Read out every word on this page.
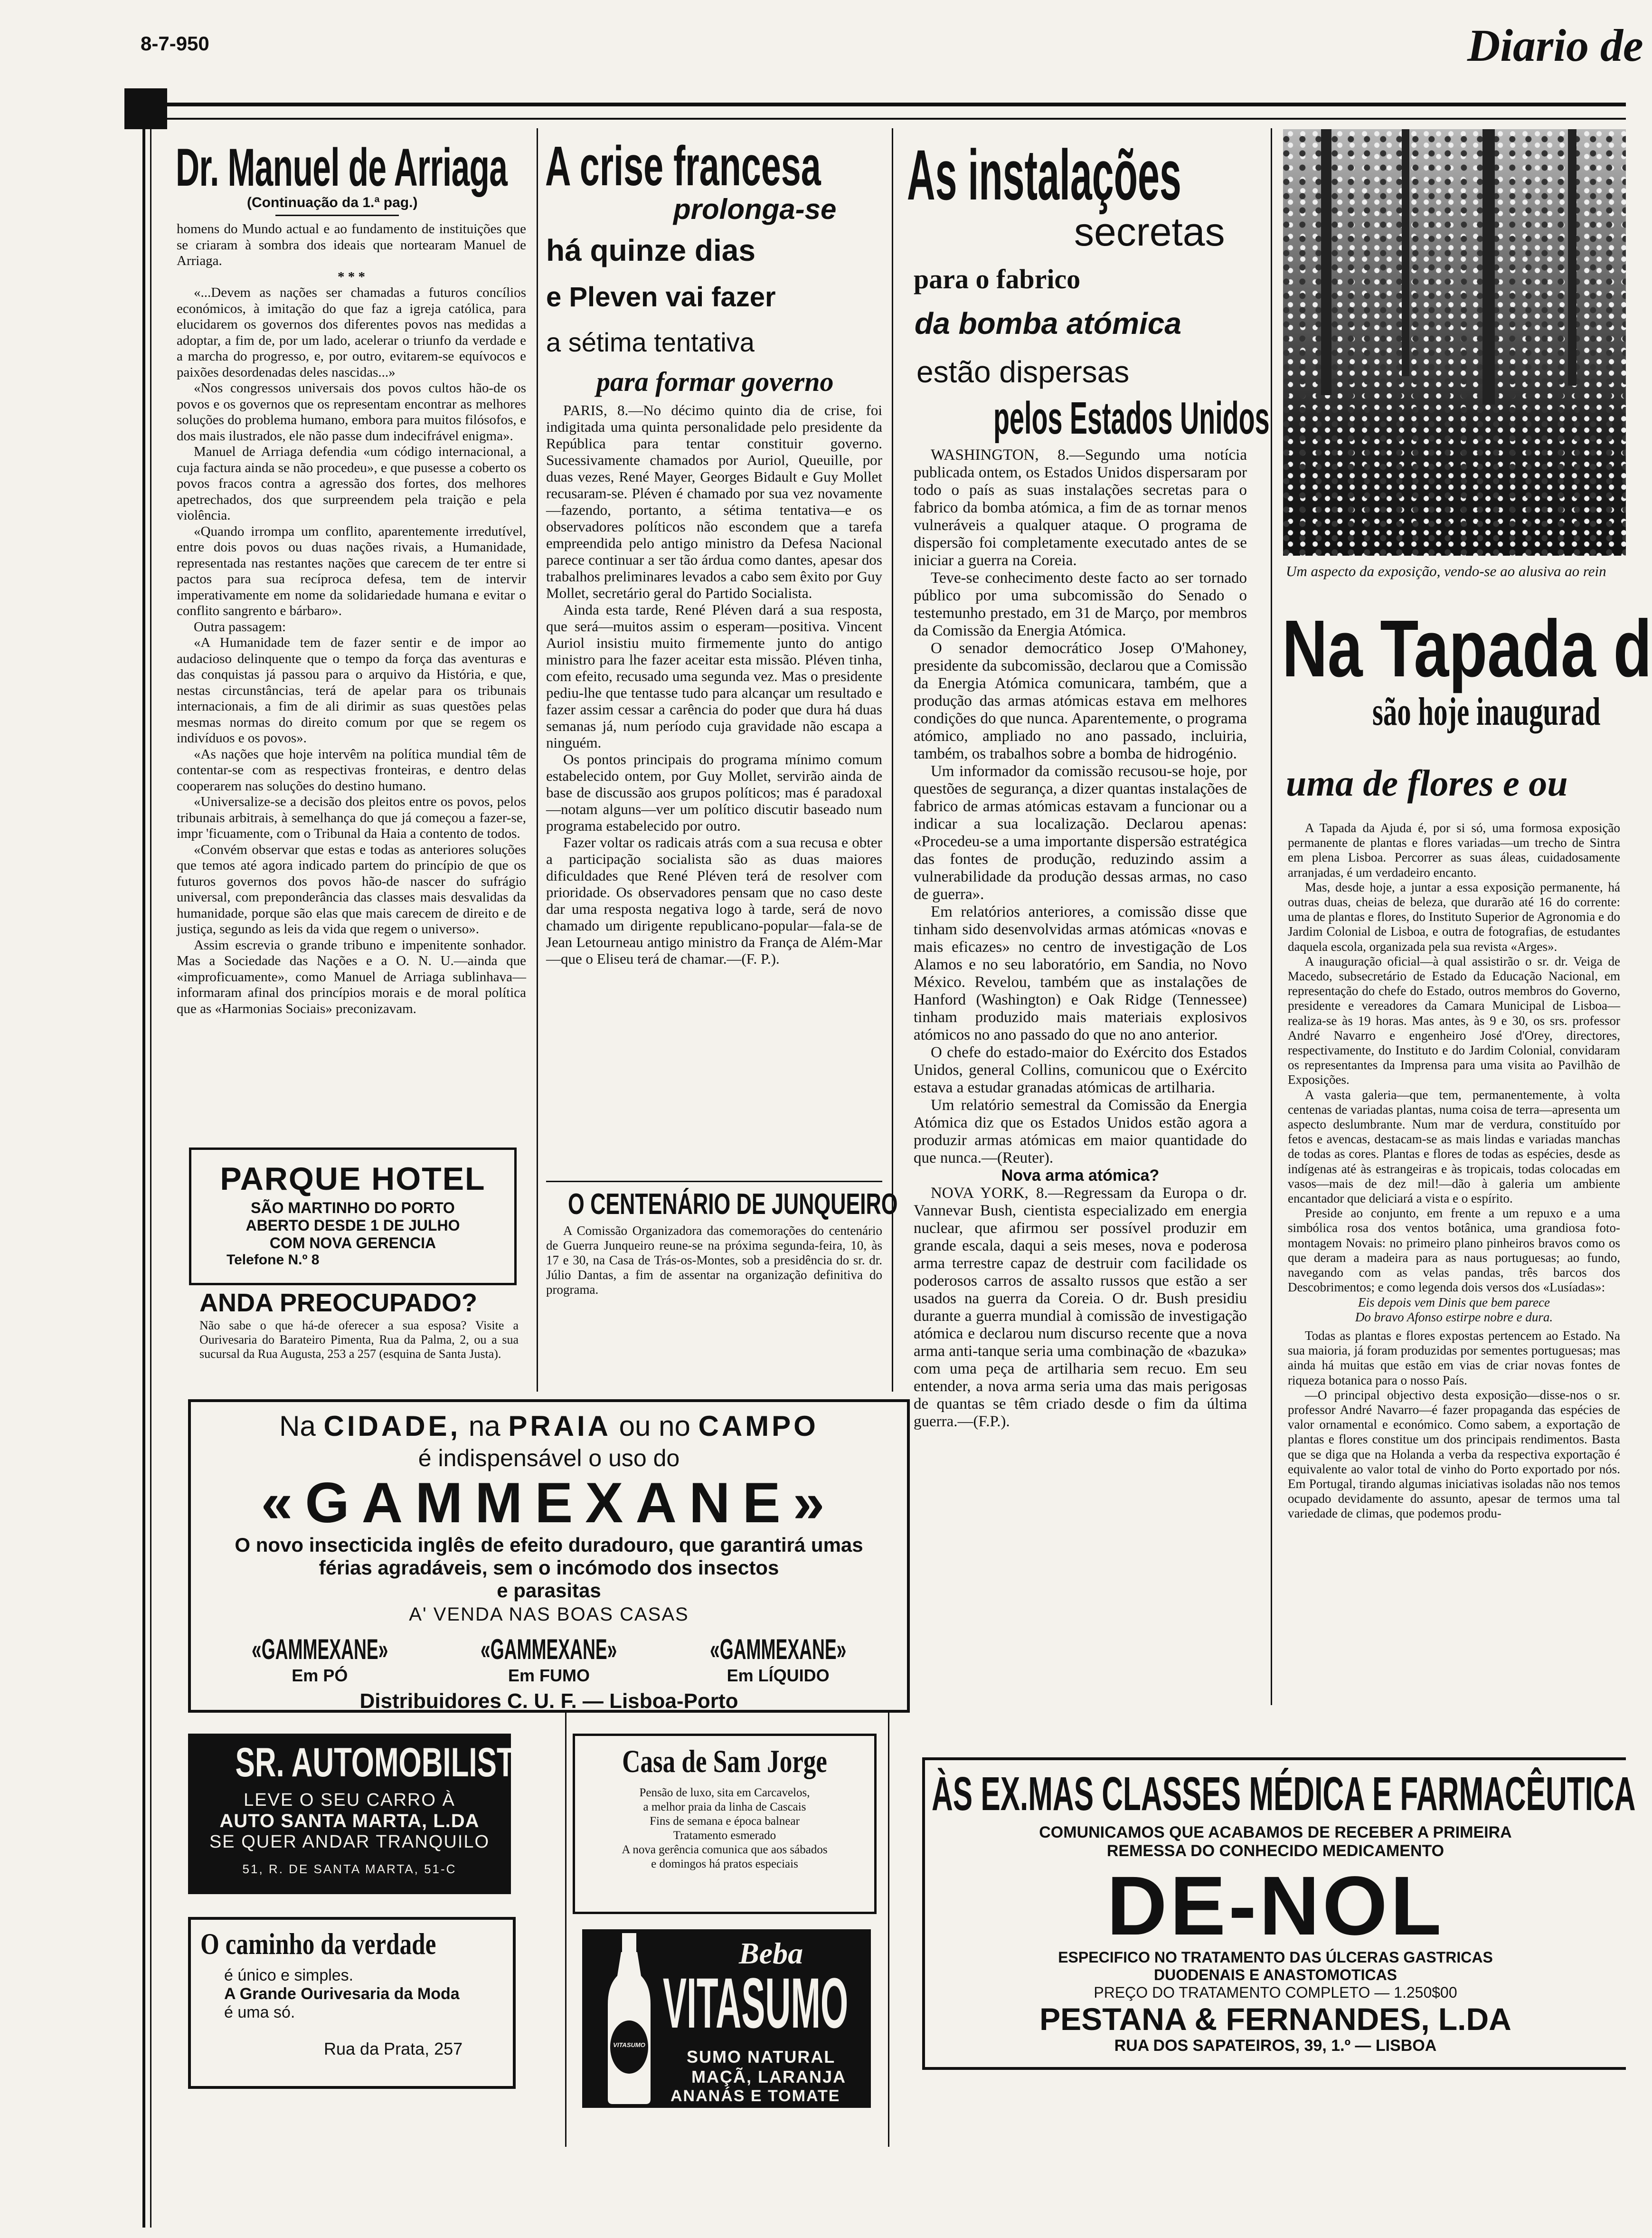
8-7-950	Diario de
Dr. Manuel de Arriaga
(Continuação da 1.ª pag.)

homens do Mundo actual e ao fundamento de instituições que se criaram à sombra dos ideais que nortearam Manuel de Arriaga.

* * *

«...Devem as nações ser chamadas a futuros concílios económicos, à imitação do que faz a igreja católica, para elucidarem os governos dos diferentes povos nas medidas a adoptar, a fim de, por um lado, acelerar o triunfo da verdade e a marcha do progresso, e, por outro, evitarem-se equívocos e paixões desordenadas deles nascidas...»

«Nos congressos universais dos povos cultos hão-de os povos e os governos que os representam encontrar as melhores soluções do problema humano, embora para muitos filósofos, e dos mais ilustrados, ele não passe dum indecifrável enigma».

Manuel de Arriaga defendia «um código internacional, a cuja factura ainda se não procedeu», e que pusesse a coberto os povos fracos contra a agressão dos fortes, dos melhores apetrechados, dos que surpreendem pela traição e pela violência.

«Quando irrompa um conflito, aparentemente irredutível, entre dois povos ou duas nações rivais, a Humanidade, representada nas restantes nações que carecem de ter entre si pactos para sua recíproca defesa, tem de intervir imperativamente em nome da solidariedade humana e evitar o conflito sangrento e bárbaro».

Outra passagem:

«A Humanidade tem de fazer sentir e de impor ao audacioso delinquente que o tempo da força das aventuras e das conquistas já passou para o arquivo da História, e que, nestas circunstâncias, terá de apelar para os tribunais internacionais, a fim de ali dirimir as suas questões pelas mesmas normas do direito comum por que se regem os indivíduos e os povos».

«As nações que hoje intervêm na política mundial têm de contentar-se com as respectivas fronteiras, e dentro delas cooperarem nas soluções do destino humano.

«Universalize-se a decisão dos pleitos entre os povos, pelos tribunais arbitrais, à semelhança do que já começou a fazer-se, impr 'ficuamente, com o Tribunal da Haia a contento de todos.

«Convém observar que estas e todas as anteriores soluções que temos até agora indicado partem do princípio de que os futuros governos dos povos hão-de nascer do sufrágio universal, com preponderância das classes mais desvalidas da humanidade, porque são elas que mais carecem de direito e de justiça, segundo as leis da vida que regem o universo».

Assim escrevia o grande tribuno e impenitente sonhador. Mas a Sociedade das Nações e a O. N. U.—ainda que «improficuamente», como Manuel de Arriaga sublinhava—informaram afinal dos princípios morais e de moral política que as «Harmonias Sociais» preconizavam.

PARQUE HOTEL
SÃO MARTINHO DO PORTO
ABERTO DESDE 1 DE JULHO
COM NOVA GERENCIA
Telefone N.º 8
ANDA PREOCUPADO?
Não sabe o que há-de oferecer a sua esposa? Visite a Ourivesaria do Barateiro Pimenta, Rua da Palma, 2, ou a sua sucursal da Rua Augusta, 253 a 257 (esquina de Santa Justa).
A crise francesa
prolonga-se
há quinze dias
e Pleven vai fazer
a sétima tentativa
para formar governo

PARIS, 8.—No décimo quinto dia de crise, foi indigitada uma quinta personalidade pelo presidente da República para tentar constituir governo. Sucessivamente chamados por Auriol, Queuille, por duas vezes, René Mayer, Georges Bidault e Guy Mollet recusaram-se. Pléven é chamado por sua vez novamente—fazendo, portanto, a sétima tentativa—e os observadores políticos não escondem que a tarefa empreendida pelo antigo ministro da Defesa Nacional parece continuar a ser tão árdua como dantes, apesar dos trabalhos preliminares levados a cabo sem êxito por Guy Mollet, secretário geral do Partido Socialista.

Ainda esta tarde, René Pléven dará a sua resposta, que será—muitos assim o esperam—positiva. Vincent Auriol insistiu muito firmemente junto do antigo ministro para lhe fazer aceitar esta missão. Pléven tinha, com efeito, recusado uma segunda vez. Mas o presidente pediu-lhe que tentasse tudo para alcançar um resultado e fazer assim cessar a carência do poder que dura há duas semanas já, num período cuja gravidade não escapa a ninguém.

Os pontos principais do programa mínimo comum estabelecido ontem, por Guy Mollet, servirão ainda de base de discussão aos grupos políticos; mas é paradoxal—notam alguns—ver um político discutir baseado num programa estabelecido por outro.

Fazer voltar os radicais atrás com a sua recusa e obter a participação socialista são as duas maiores dificuldades que René Pléven terá de resolver com prioridade. Os observadores pensam que no caso deste dar uma resposta negativa logo à tarde, será de novo chamado um dirigente republicano-popular—fala-se de Jean Letourneau antigo ministro da França de Além-Mar—que o Eliseu terá de chamar.—(F. P.).

O CENTENÁRIO DE JUNQUEIRO
A Comissão Organizadora das comemorações do centenário de Guerra Junqueiro reune-se na próxima segunda-feira, 10, às 17 e 30, na Casa de Trás-os-Montes, sob a presidência do sr. dr. Júlio Dantas, a fim de assentar na organização definitiva do programa.
As instalações
secretas
para o fabrico
da bomba atómica
estão dispersas
pelos Estados Unidos

WASHINGTON, 8.—Segundo uma notícia publicada ontem, os Estados Unidos dispersaram por todo o país as suas instalações secretas para o fabrico da bomba atómica, a fim de as tornar menos vulneráveis a qualquer ataque. O programa de dispersão foi completamente executado antes de se iniciar a guerra na Coreia.

Teve-se conhecimento deste facto ao ser tornado público por uma subcomissão do Senado o testemunho prestado, em 31 de Março, por membros da Comissão da Energia Atómica.

O senador democrático Josep O'Mahoney, presidente da subcomissão, declarou que a Comissão da Energia Atómica comunicara, também, que a produção das armas atómicas estava em melhores condições do que nunca. Aparentemente, o programa atómico, ampliado no ano passado, incluiria, também, os trabalhos sobre a bomba de hidrogénio.

Um informador da comissão recusou-se hoje, por questões de segurança, a dizer quantas instalações de fabrico de armas atómicas estavam a funcionar ou a indicar a sua localização. Declarou apenas: «Procedeu-se a uma importante dispersão estratégica das fontes de produção, reduzindo assim a vulnerabilidade da produção dessas armas, no caso de guerra».

Em relatórios anteriores, a comissão disse que tinham sido desenvolvidas armas atómicas «novas e mais eficazes» no centro de investigação de Los Alamos e no seu laboratório, em Sandia, no Novo México. Revelou, também que as instalações de Hanford (Washington) e Oak Ridge (Tennessee) tinham produzido mais materiais explosivos atómicos no ano passado do que no ano anterior.

O chefe do estado-maior do Exército dos Estados Unidos, general Collins, comunicou que o Exército estava a estudar granadas atómicas de artilharia.

Um relatório semestral da Comissão da Energia Atómica diz que os Estados Unidos estão agora a produzir armas atómicas em maior quantidade do que nunca.—(Reuter).

Nova arma atómica?

NOVA YORK, 8.—Regressam da Europa o dr. Vannevar Bush, cientista especializado em energia nuclear, que afirmou ser possível produzir em grande escala, daqui a seis meses, nova e poderosa arma terrestre capaz de destruir com facilidade os poderosos carros de assalto russos que estão a ser usados na guerra da Coreia. O dr. Bush presidiu durante a guerra mundial à comissão de investigação atómica e declarou num discurso recente que a nova arma anti-tanque seria uma combinação de «bazuka» com uma peça de artilharia sem recuo. Em seu entender, a nova arma seria uma das mais perigosas de quantas se têm criado desde o fim da última guerra.—(F.P.).

Um aspecto da exposição, vendo-se ao alusiva ao rein
Na Tapada d
são hoje inaugurad
uma de flores e ou

A Tapada da Ajuda é, por si só, uma formosa exposição permanente de plantas e flores variadas—um trecho de Sintra em plena Lisboa. Percorrer as suas áleas, cuidadosamente arranjadas, é um verdadeiro encanto.

Mas, desde hoje, a juntar a essa exposição permanente, há outras duas, cheias de beleza, que durarão até 16 do corrente: uma de plantas e flores, do Instituto Superior de Agronomia e do Jardim Colonial de Lisboa, e outra de fotografias, de estudantes daquela escola, organizada pela sua revista «Arges».

A inauguração oficial—à qual assistirão o sr. dr. Veiga de Macedo, subsecretário de Estado da Educação Nacional, em representação do chefe do Estado, outros membros do Governo, presidente e vereadores da Camara Municipal de Lisboa—realiza-se às 19 horas. Mas antes, às 9 e 30, os srs. professor André Navarro e engenheiro José d'Orey, directores, respectivamente, do Instituto e do Jardim Colonial, convidaram os representantes da Imprensa para uma visita ao Pavilhão de Exposições.

A vasta galeria—que tem, permanentemente, à volta centenas de variadas plantas, numa coisa de terra—apresenta um aspecto deslumbrante. Num mar de verdura, constituído por fetos e avencas, destacam-se as mais lindas e variadas manchas de todas as cores. Plantas e flores de todas as espécies, desde as indígenas até às estrangeiras e às tropicais, todas colocadas em vasos—mais de dez mil!—dão à galeria um ambiente encantador que deliciará a vista e o espírito.

Preside ao conjunto, em frente a um repuxo e a uma simbólica rosa dos ventos botânica, uma grandiosa foto-montagem Novais: no primeiro plano pinheiros bravos como os que deram a madeira para as naus portuguesas; ao fundo, navegando com as velas pandas, três barcos dos Descobrimentos; e como legenda dois versos dos «Lusíadas»:

Eis depois vem Dinis que bem parece

Do bravo Afonso estirpe nobre e dura.

Todas as plantas e flores expostas pertencem ao Estado. Na sua maioria, já foram produzidas por sementes portuguesas; mas ainda há muitas que estão em vias de criar novas fontes de riqueza botanica para o nosso País.

—O principal objectivo desta exposição—disse-nos o sr. professor André Navarro—é fazer propaganda das espécies de valor ornamental e económico. Como sabem, a exportação de plantas e flores constitue um dos principais rendimentos. Basta que se diga que na Holanda a verba da respectiva exportação é equivalente ao valor total de vinho do Porto exportado por nós. Em Portugal, tirando algumas iniciativas isoladas não nos temos ocupado devidamente do assunto, apesar de termos uma tal variedade de climas, que podemos produ-

Na CIDADE, na PRAIA ou no CAMPO
é indispensável o uso do
«GAMMEXANE»
O novo insecticida inglês de efeito duradouro, que garantirá umas férias agradáveis, sem o incómodo dos insectos
e parasitas
A' VENDA NAS BOAS CASAS
«GAMMEXANE»
Em PÓ
«GAMMEXANE»
Em FUMO
«GAMMEXANE»
Em LÍQUIDO
Distribuidores C. U. F. — Lisboa-Porto
SR. AUTOMOBILISTA!
LEVE O SEU CARRO À
AUTO SANTA MARTA, L.DA
SE QUER ANDAR TRANQUILO
51, R. DE SANTA MARTA, 51-C
O caminho da verdade
é único e simples.
A Grande Ourivesaria da Moda
é uma só.
Rua da Prata, 257
Casa de Sam Jorge
Pensão de luxo, sita em Carcavelos,
a melhor praia da linha de Cascais
Fins de semana e época balnear
Tratamento esmerado
A nova gerência comunica que aos sábados
e domingos há pratos especiais
VITASUMO
Beba
VITASUMO
SUMO NATURAL
MAÇÃ, LARANJA
ANANÁS E TOMATE
ÀS EX.MAS CLASSES MÉDICA E FARMACÊUTICA
COMUNICAMOS QUE ACABAMOS DE RECEBER A PRIMEIRA
REMESSA DO CONHECIDO MEDICAMENTO
DE-NOL
ESPECIFICO NO TRATAMENTO DAS ÚLCERAS GASTRICAS
DUODENAIS E ANASTOMOTICAS
PREÇO DO TRATAMENTO COMPLETO — 1.250$00
PESTANA & FERNANDES, L.DA
RUA DOS SAPATEIROS, 39, 1.º — LISBOA
